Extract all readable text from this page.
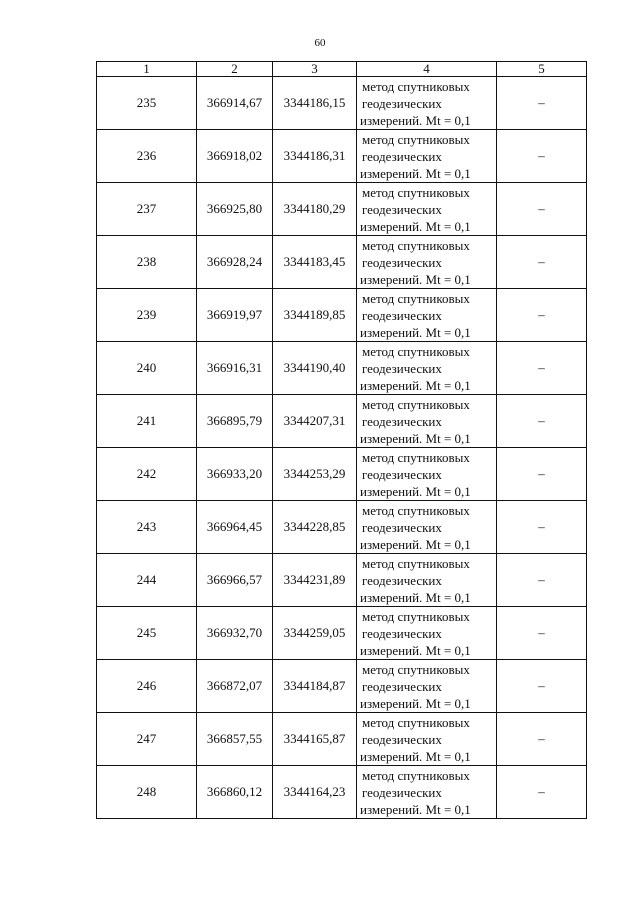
60
1	2	3	4	5
235	366914,67	3344186,15	метод спутниковых
геодезических
измерений. Mt = 0,1	–
236	366918,02	3344186,31	метод спутниковых
геодезических
измерений. Mt = 0,1	–
237	366925,80	3344180,29	метод спутниковых
геодезических
измерений. Mt = 0,1	–
238	366928,24	3344183,45	метод спутниковых
геодезических
измерений. Mt = 0,1	–
239	366919,97	3344189,85	метод спутниковых
геодезических
измерений. Mt = 0,1	–
240	366916,31	3344190,40	метод спутниковых
геодезических
измерений. Mt = 0,1	–
241	366895,79	3344207,31	метод спутниковых
геодезических
измерений. Mt = 0,1	–
242	366933,20	3344253,29	метод спутниковых
геодезических
измерений. Mt = 0,1	–
243	366964,45	3344228,85	метод спутниковых
геодезических
измерений. Mt = 0,1	–
244	366966,57	3344231,89	метод спутниковых
геодезических
измерений. Mt = 0,1	–
245	366932,70	3344259,05	метод спутниковых
геодезических
измерений. Mt = 0,1	–
246	366872,07	3344184,87	метод спутниковых
геодезических
измерений. Mt = 0,1	–
247	366857,55	3344165,87	метод спутниковых
геодезических
измерений. Mt = 0,1	–
248	366860,12	3344164,23	метод спутниковых
геодезических
измерений. Mt = 0,1	–
